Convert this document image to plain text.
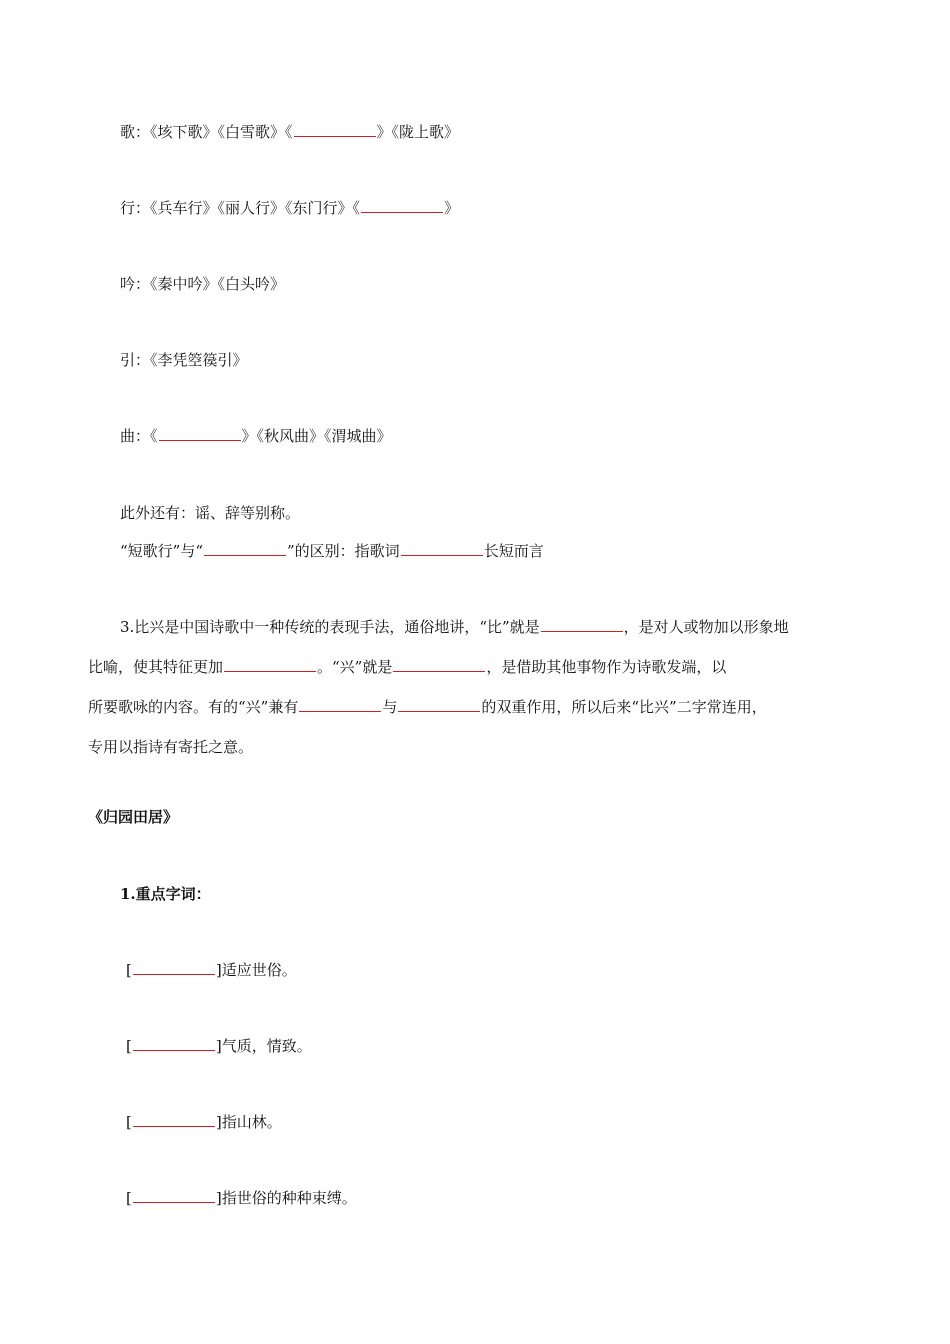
歌：《垓下歌》《白雪歌》《	》《陇上歌》
行：《兵车行》《丽人行》《东门行》《	》
吟：《秦中吟》《白头吟》
引：《李凭箜篌引》
曲：《	》《秋风曲》《渭城曲》
此外还有：谣、辞等别称。
“短歌行”与“	”的区别：指歌词	长短而言
3.比兴是中国诗歌中一种传统的表现手法，通俗地讲，“比”就是	，是对人或物加以形象地
比喻，使其特征更加	。“兴”就是	，是借助其他事物作为诗歌发端，以
所要歌咏的内容。有的“兴”兼有	与	的双重作用，所以后来“比兴”二字常连用，
专用以指诗有寄托之意。
《归园田居》
1.重点字词：
[	]适应世俗。
[	]气质，情致。
[	]指山林。
[	]指世俗的种种束缚。
